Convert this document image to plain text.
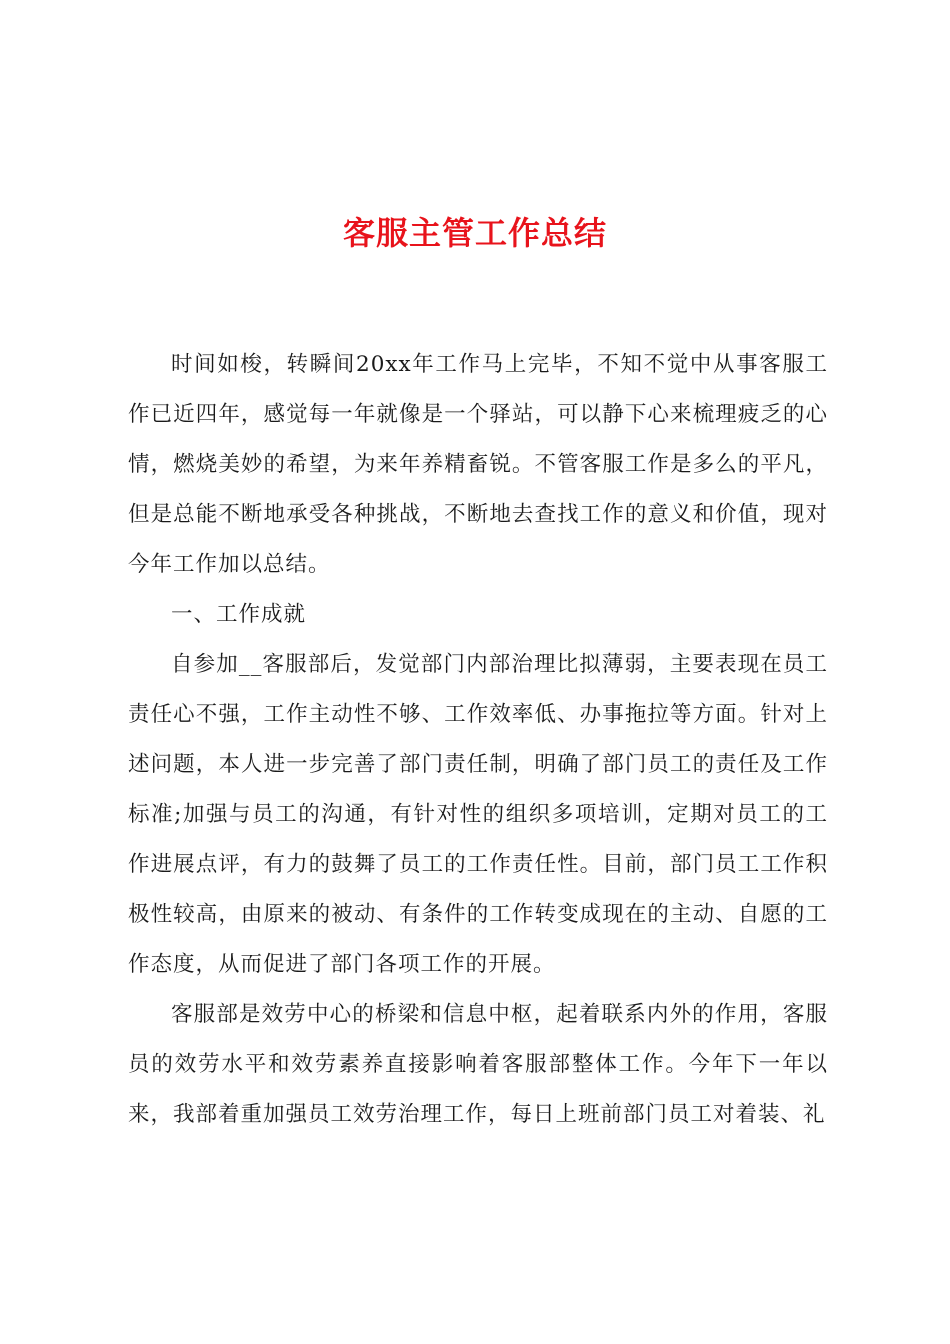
客服主管工作总结

时间如梭，转瞬间20xx年工作马上完毕，不知不觉中从事客服工作已近四年，感觉每一年就像是一个驿站，可以静下心来梳理疲乏的心情，燃烧美妙的希望，为来年养精畜锐。不管客服工作是多么的平凡，但是总能不断地承受各种挑战，不断地去查找工作的意义和价值，现对今年工作加以总结。

一、工作成就

自参加__客服部后，发觉部门内部治理比拟薄弱，主要表现在员工责任心不强，工作主动性不够、工作效率低、办事拖拉等方面。针对上述问题，本人进一步完善了部门责任制，明确了部门员工的责任及工作标准;加强与员工的沟通，有针对性的组织多项培训，定期对员工的工作进展点评，有力的鼓舞了员工的工作责任性。目前，部门员工工作积极性较高，由原来的被动、有条件的工作转变成现在的主动、自愿的工作态度，从而促进了部门各项工作的开展。

客服部是效劳中心的桥梁和信息中枢，起着联系内外的作用，客服员的效劳水平和效劳素养直接影响着客服部整体工作。今年下一年以来，我部着重加强员工效劳治理工作，每日上班前部门员工对着装、礼
